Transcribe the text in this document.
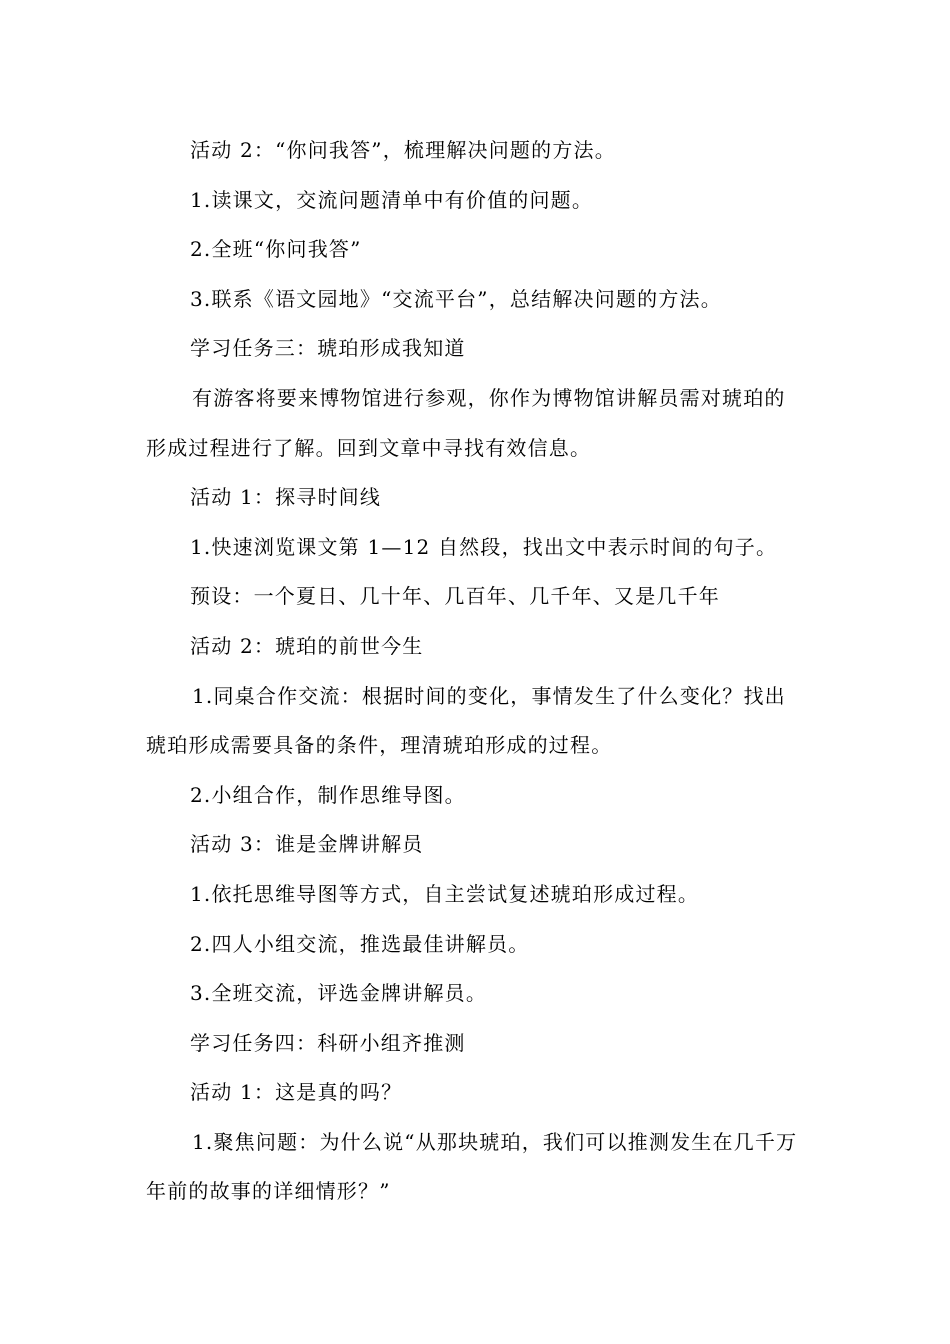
活动 2：“你问我答”，梳理解决问题的方法。

1.读课文，交流问题清单中有价值的问题。

2.全班“你问我答”

3.联系《语文园地》“交流平台”，总结解决问题的方法。

学习任务三：琥珀形成我知道

有游客将要来博物馆进行参观，你作为博物馆讲解员需对琥珀的形成过程进行了解。回到文章中寻找有效信息。

活动 1：探寻时间线

1.快速浏览课文第 1—12 自然段，找出文中表示时间的句子。

预设：一个夏日、几十年、几百年、几千年、又是几千年

活动 2：琥珀的前世今生

1.同桌合作交流：根据时间的变化，事情发生了什么变化？找出琥珀形成需要具备的条件，理清琥珀形成的过程。

2.小组合作，制作思维导图。

活动 3：谁是金牌讲解员

1.依托思维导图等方式，自主尝试复述琥珀形成过程。

2.四人小组交流，推选最佳讲解员。

3.全班交流，评选金牌讲解员。

学习任务四：科研小组齐推测

活动 1：这是真的吗？

1.聚焦问题：为什么说“从那块琥珀，我们可以推测发生在几千万年前的故事的详细情形？”
